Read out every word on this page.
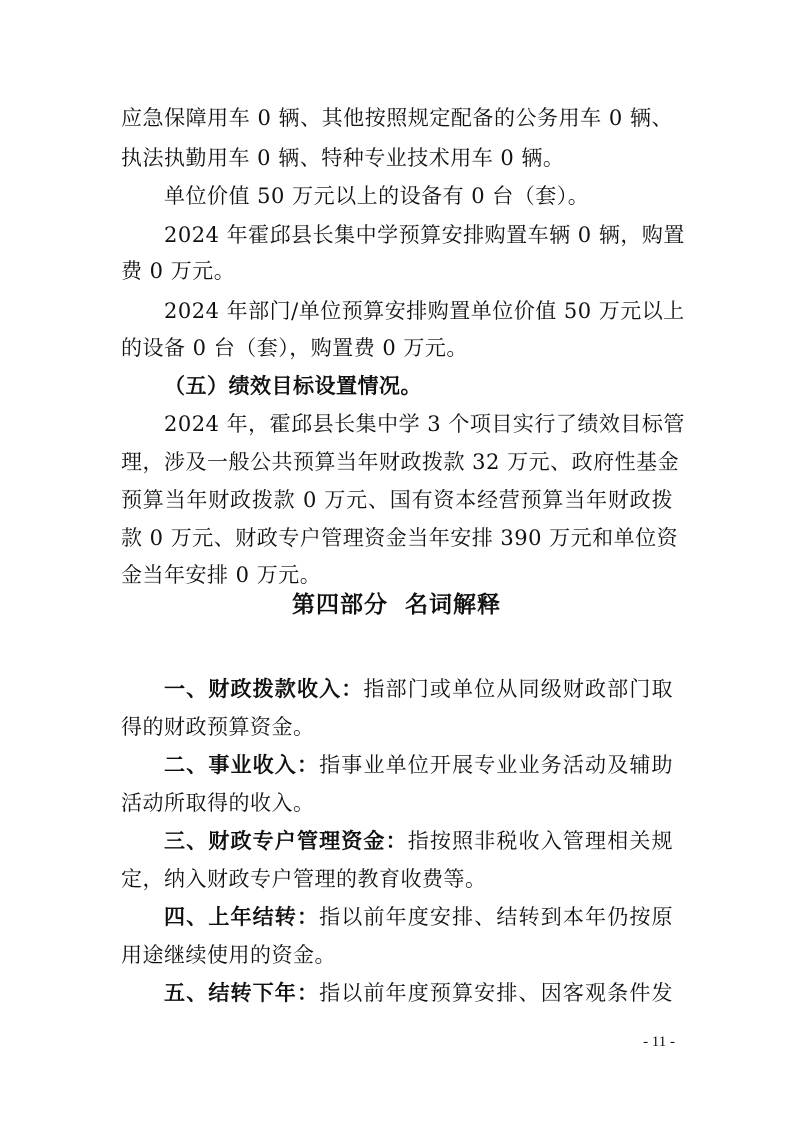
应急保障用车 0 辆、其他按照规定配备的公务用车 0 辆、
执法执勤用车 0 辆、特种专业技术用车 0 辆。
单位价值 50 万元以上的设备有 0 台（套）。
2024 年霍邱县长集中学预算安排购置车辆 0 辆，购置
费 0 万元。
2024 年部门/单位预算安排购置单位价值 50 万元以上
的设备 0 台（套），购置费 0 万元。
（五）绩效目标设置情况。
2024 年，霍邱县长集中学 3 个项目实行了绩效目标管
理，涉及一般公共预算当年财政拨款 32 万元、政府性基金
预算当年财政拨款 0 万元、国有资本经营预算当年财政拨
款 0 万元、财政专户管理资金当年安排 390 万元和单位资
金当年安排 0 万元。
一、财政拨款收入：指部门或单位从同级财政部门取
得的财政预算资金。
二、事业收入：指事业单位开展专业业务活动及辅助
活动所取得的收入。
三、财政专户管理资金：指按照非税收入管理相关规
定，纳入财政专户管理的教育收费等。
四、上年结转：指以前年度安排、结转到本年仍按原
用途继续使用的资金。
五、结转下年：指以前年度预算安排、因客观条件发
第四部分 名词解释
- 11 -
